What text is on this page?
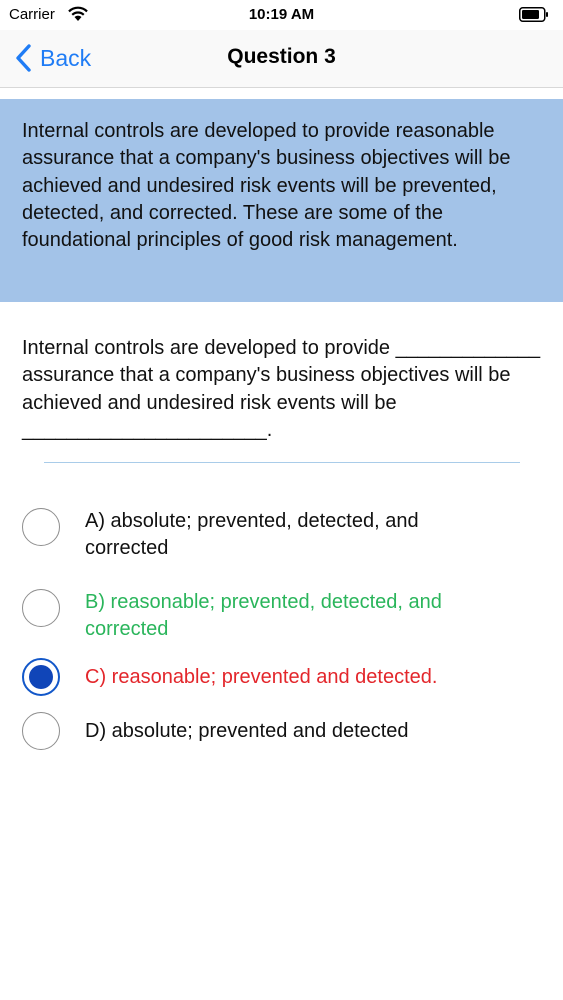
Carrier	10:19 AM
Back	Question 3

Internal controls are developed to provide reasonable assurance that a company's business objectives will be achieved and undesired risk events will be prevented, detected, and corrected. These are some of the foundational principles of good risk management.

Internal controls are developed to provide _____________ assurance that a company's business objectives will be achieved and undesired risk events will be ______________________.
A) absolute; prevented, detected, and corrected
B) reasonable; prevented, detected, and corrected
C) reasonable; prevented and detected.
D) absolute; prevented and detected
